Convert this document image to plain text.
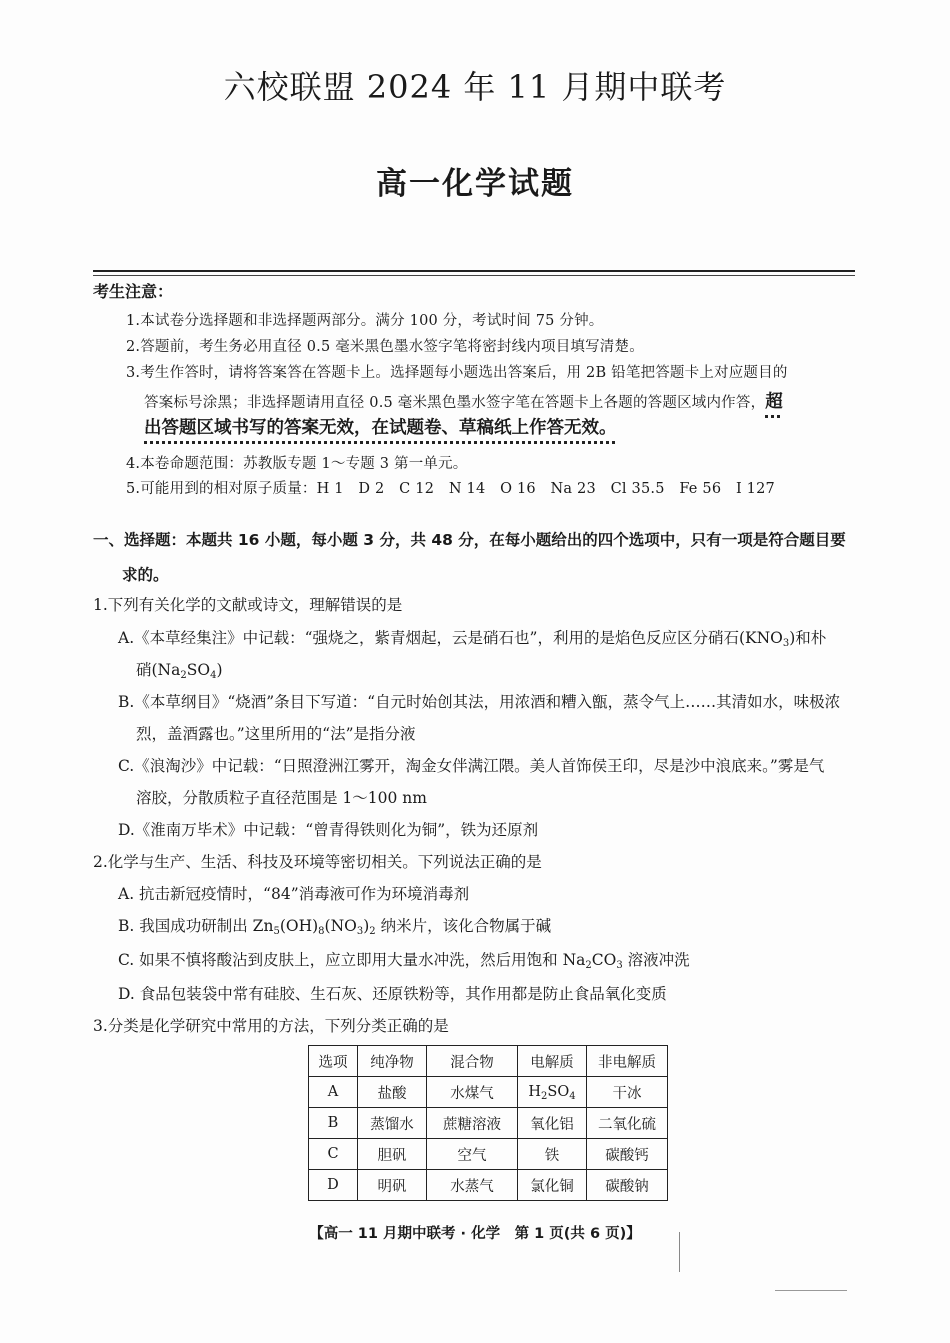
六校联盟 2024 年 11 月期中联考
高一化学试题
考生注意：
1.本试卷分选择题和非选择题两部分。满分 100 分，考试时间 75 分钟。
2.答题前，考生务必用直径 0.5 毫米黑色墨水签字笔将密封线内项目填写清楚。
3.考生作答时，请将答案答在答题卡上。选择题每小题选出答案后，用 2B 铅笔把答题卡上对应题目的
答案标号涂黑；非选择题请用直径 0.5 毫米黑色墨水签字笔在答题卡上各题的答题区域内作答，超
出答题区域书写的答案无效，在试题卷、草稿纸上作答无效。
4.本卷命题范围：苏教版专题 1～专题 3 第一单元。
5.可能用到的相对原子质量：H 1　D 2　C 12　N 14　O 16　Na 23　Cl 35.5　Fe 56　I 127
一、选择题：本题共 16 小题，每小题 3 分，共 48 分，在每小题给出的四个选项中，只有一项是符合题目要
求的。
1.下列有关化学的文献或诗文，理解错误的是
A.《本草经集注》中记载：“强烧之，紫青烟起，云是硝石也”，利用的是焰色反应区分硝石$(KNO_3)$和朴
硝$(Na_2SO_4)$
B.《本草纲目》“烧酒”条目下写道：“自元时始创其法，用浓酒和糟入甑，蒸令气上……其清如水，味极浓
烈，盖酒露也。”这里所用的“法”是指分液
C.《浪淘沙》中记载：“日照澄洲江雾开，淘金女伴满江隈。美人首饰侯王印，尽是沙中浪底来。”雾是气
溶胶，分散质粒子直径范围是 1～100 nm
D.《淮南万毕术》中记载：“曾青得铁则化为铜”，铁为还原剂
2.化学与生产、生活、科技及环境等密切相关。下列说法正确的是
A. 抗击新冠疫情时，“84”消毒液可作为环境消毒剂
B. 我国成功研制出 $Zn_5(OH)_8(NO_3)_2$ 纳米片，该化合物属于碱
C. 如果不慎将酸沾到皮肤上，应立即用大量水冲洗，然后用饱和 $Na_2CO_3$ 溶液冲洗
D. 食品包装袋中常有硅胶、生石灰、还原铁粉等，其作用都是防止食品氧化变质
3.分类是化学研究中常用的方法，下列分类正确的是
选项	纯净物	混合物	电解质	非电解质
A	盐酸	水煤气	$H_2SO_4$	干冰
B	蒸馏水	蔗糖溶液	氧化铝	二氧化硫
C	胆矾	空气	铁	碳酸钙
D	明矾	水蒸气	氯化铜	碳酸钠
【高一 11 月期中联考 · 化学　第 1 页(共 6 页)】
